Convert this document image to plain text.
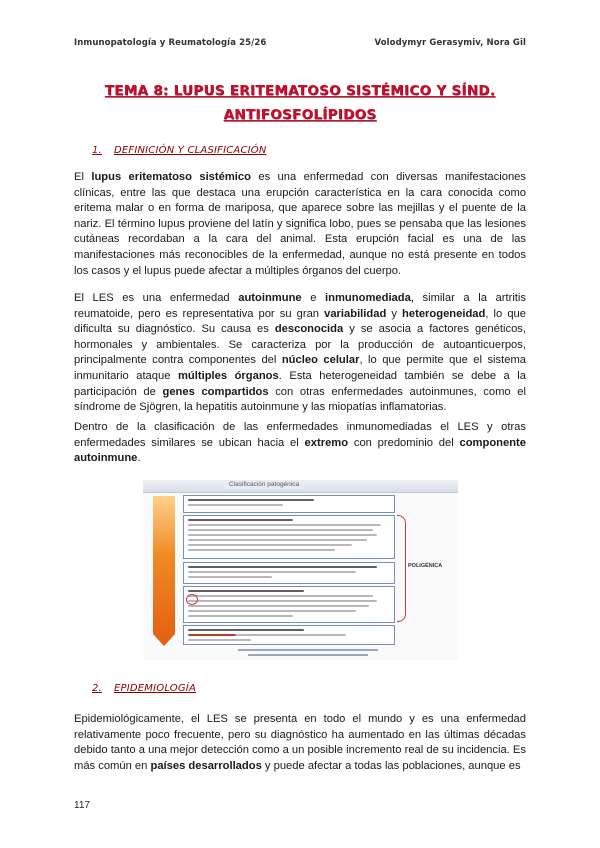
Inmunopatología y Reumatología 25/26	Volodymyr Gerasymiv, Nora Gil
TEMA 8: LUPUS ERITEMATOSO SISTÉMICO Y SÍND.
ANTIFOSFOLÍPIDOS
1. DEFINICIÓN Y CLASIFICACIÓN

El lupus eritematoso sistémico es una enfermedad con diversas manifestaciones clínicas, entre las que destaca una erupción característica en la cara conocida como eritema malar o en forma de mariposa, que aparece sobre las mejillas y el puente de la nariz. El término lupus proviene del latín y significa lobo, pues se pensaba que las lesiones cutáneas recordaban a la cara del animal. Esta erupción facial es una de las manifestaciones más reconocibles de la enfermedad, aunque no está presente en todos los casos y el lupus puede afectar a múltiples órganos del cuerpo.

El LES es una enfermedad autoinmune e inmunomediada, similar a la artritis reumatoide, pero es representativa por su gran variabilidad y heterogeneidad, lo que dificulta su diagnóstico. Su causa es desconocida y se asocia a factores genéticos, hormonales y ambientales. Se caracteriza por la producción de autoanticuerpos, principalmente contra componentes del núcleo celular, lo que permite que el sistema inmunitario ataque múltiples órganos. Esta heterogeneidad también se debe a la participación de genes compartidos con otras enfermedades autoinmunes, como el síndrome de Sjögren, la hepatitis autoinmune y las miopatías inflamatorias.

Dentro de la clasificación de las enfermedades inmunomediadas el LES y otras enfermedades similares se ubican hacia el extremo con predominio del componente autoinmune.

Clasificación patogénica
POLIGÉNICA
2. EPIDEMIOLOGÍA

Epidemiológicamente, el LES se presenta en todo el mundo y es una enfermedad relativamente poco frecuente, pero su diagnóstico ha aumentado en las últimas décadas debido tanto a una mejor detección como a un posible incremento real de su incidencia. Es más común en países desarrollados y puede afectar a todas las poblaciones, aunque es

117
